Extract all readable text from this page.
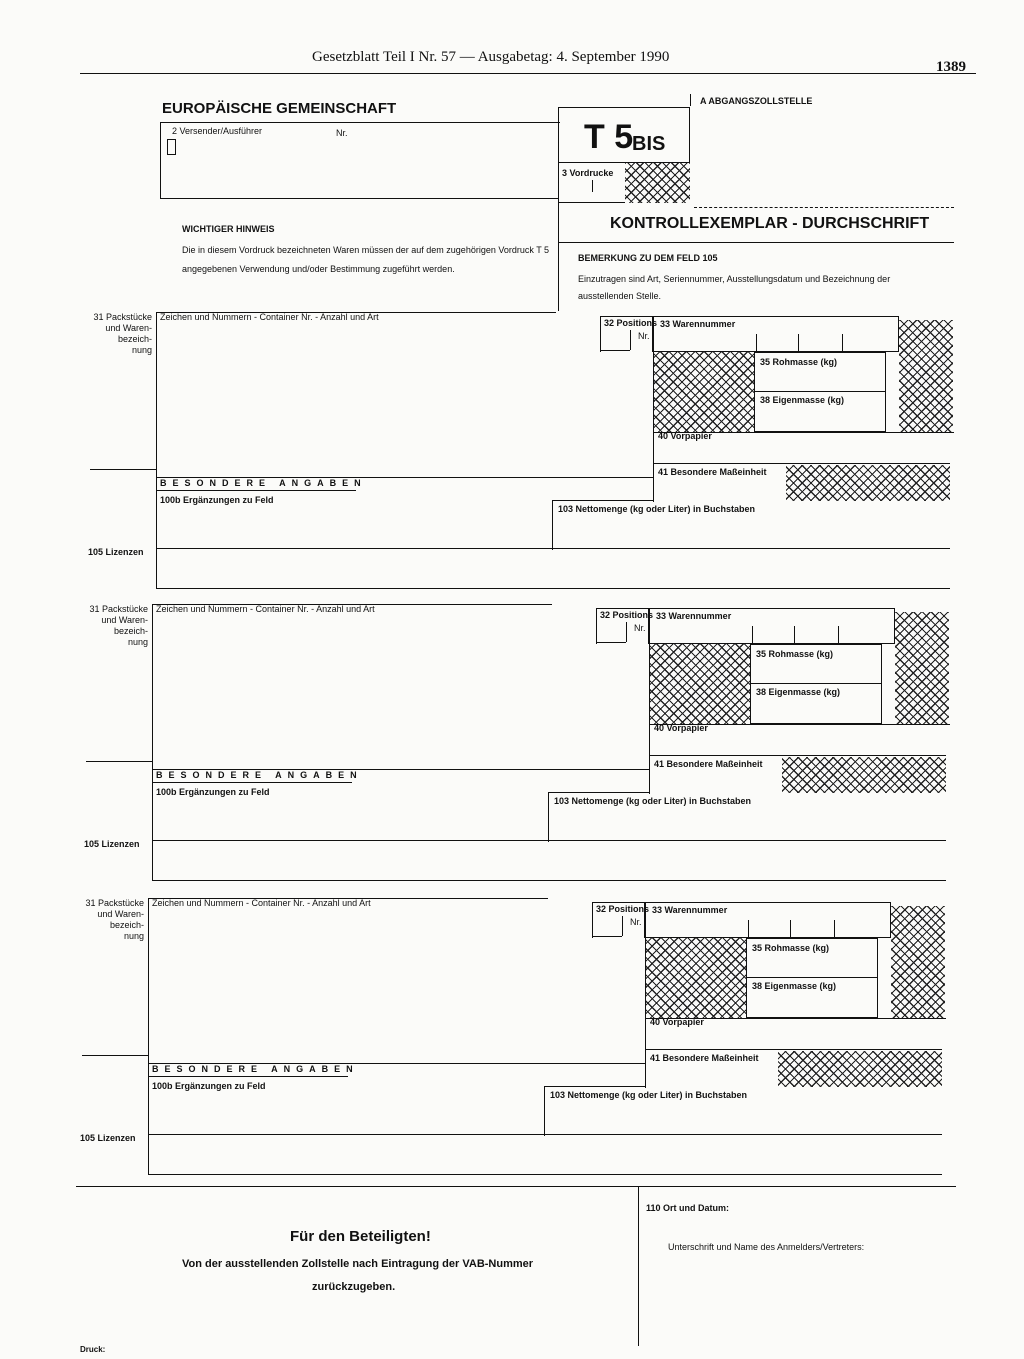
Gesetzblatt Teil I Nr. 57 — Ausgabetag: 4. September 1990
1389
EUROPÄISCHE GEMEINSCHAFT	A ABGANGSZOLLSTELLE
2 Versender/Ausführer	Nr.	T 5
BIS
3 Vordrucke
KONTROLLEXEMPLAR - DURCHSCHRIFT
WICHTIGER HINWEIS
Die in diesem Vordruck bezeichneten Waren müssen der auf dem zugehörigen Vordruck T 5
angegebenen Verwendung und/oder Bestimmung zugeführt werden.
BEMERKUNG ZU DEM FELD 105
Einzutragen sind Art, Seriennummer, Ausstellungsdatum und Bezeichnung der
ausstellenden Stelle.
31 Packstücke
und Waren-
bezeich-
nung
Zeichen und Nummern - Container Nr. - Anzahl und Art
32 Positions
Nr.
33 Warennummer
35 Rohmasse (kg)
38 Eigenmasse (kg)
40 Vorpapier
41 Besondere Maßeinheit
BESONDERE ANGABEN
100b Ergänzungen zu Feld
103 Nettomenge (kg oder Liter) in Buchstaben
105 Lizenzen
31 Packstücke
und Waren-
bezeich-
nung
Zeichen und Nummern - Container Nr. - Anzahl und Art
32 Positions
Nr.
33 Warennummer
35 Rohmasse (kg)
38 Eigenmasse (kg)
40 Vorpapier
41 Besondere Maßeinheit
BESONDERE ANGABEN
100b Ergänzungen zu Feld
103 Nettomenge (kg oder Liter) in Buchstaben
105 Lizenzen
31 Packstücke
und Waren-
bezeich-
nung
Zeichen und Nummern - Container Nr. - Anzahl und Art
32 Positions
Nr.
33 Warennummer
35 Rohmasse (kg)
38 Eigenmasse (kg)
40 Vorpapier
41 Besondere Maßeinheit
BESONDERE ANGABEN
100b Ergänzungen zu Feld
103 Nettomenge (kg oder Liter) in Buchstaben
105 Lizenzen
110 Ort und Datum:
Unterschrift und Name des Anmelders/Vertreters:
Für den Beteiligten!
Von der ausstellenden Zollstelle nach Eintragung der VAB-Nummer
zurückzugeben.
Druck:
